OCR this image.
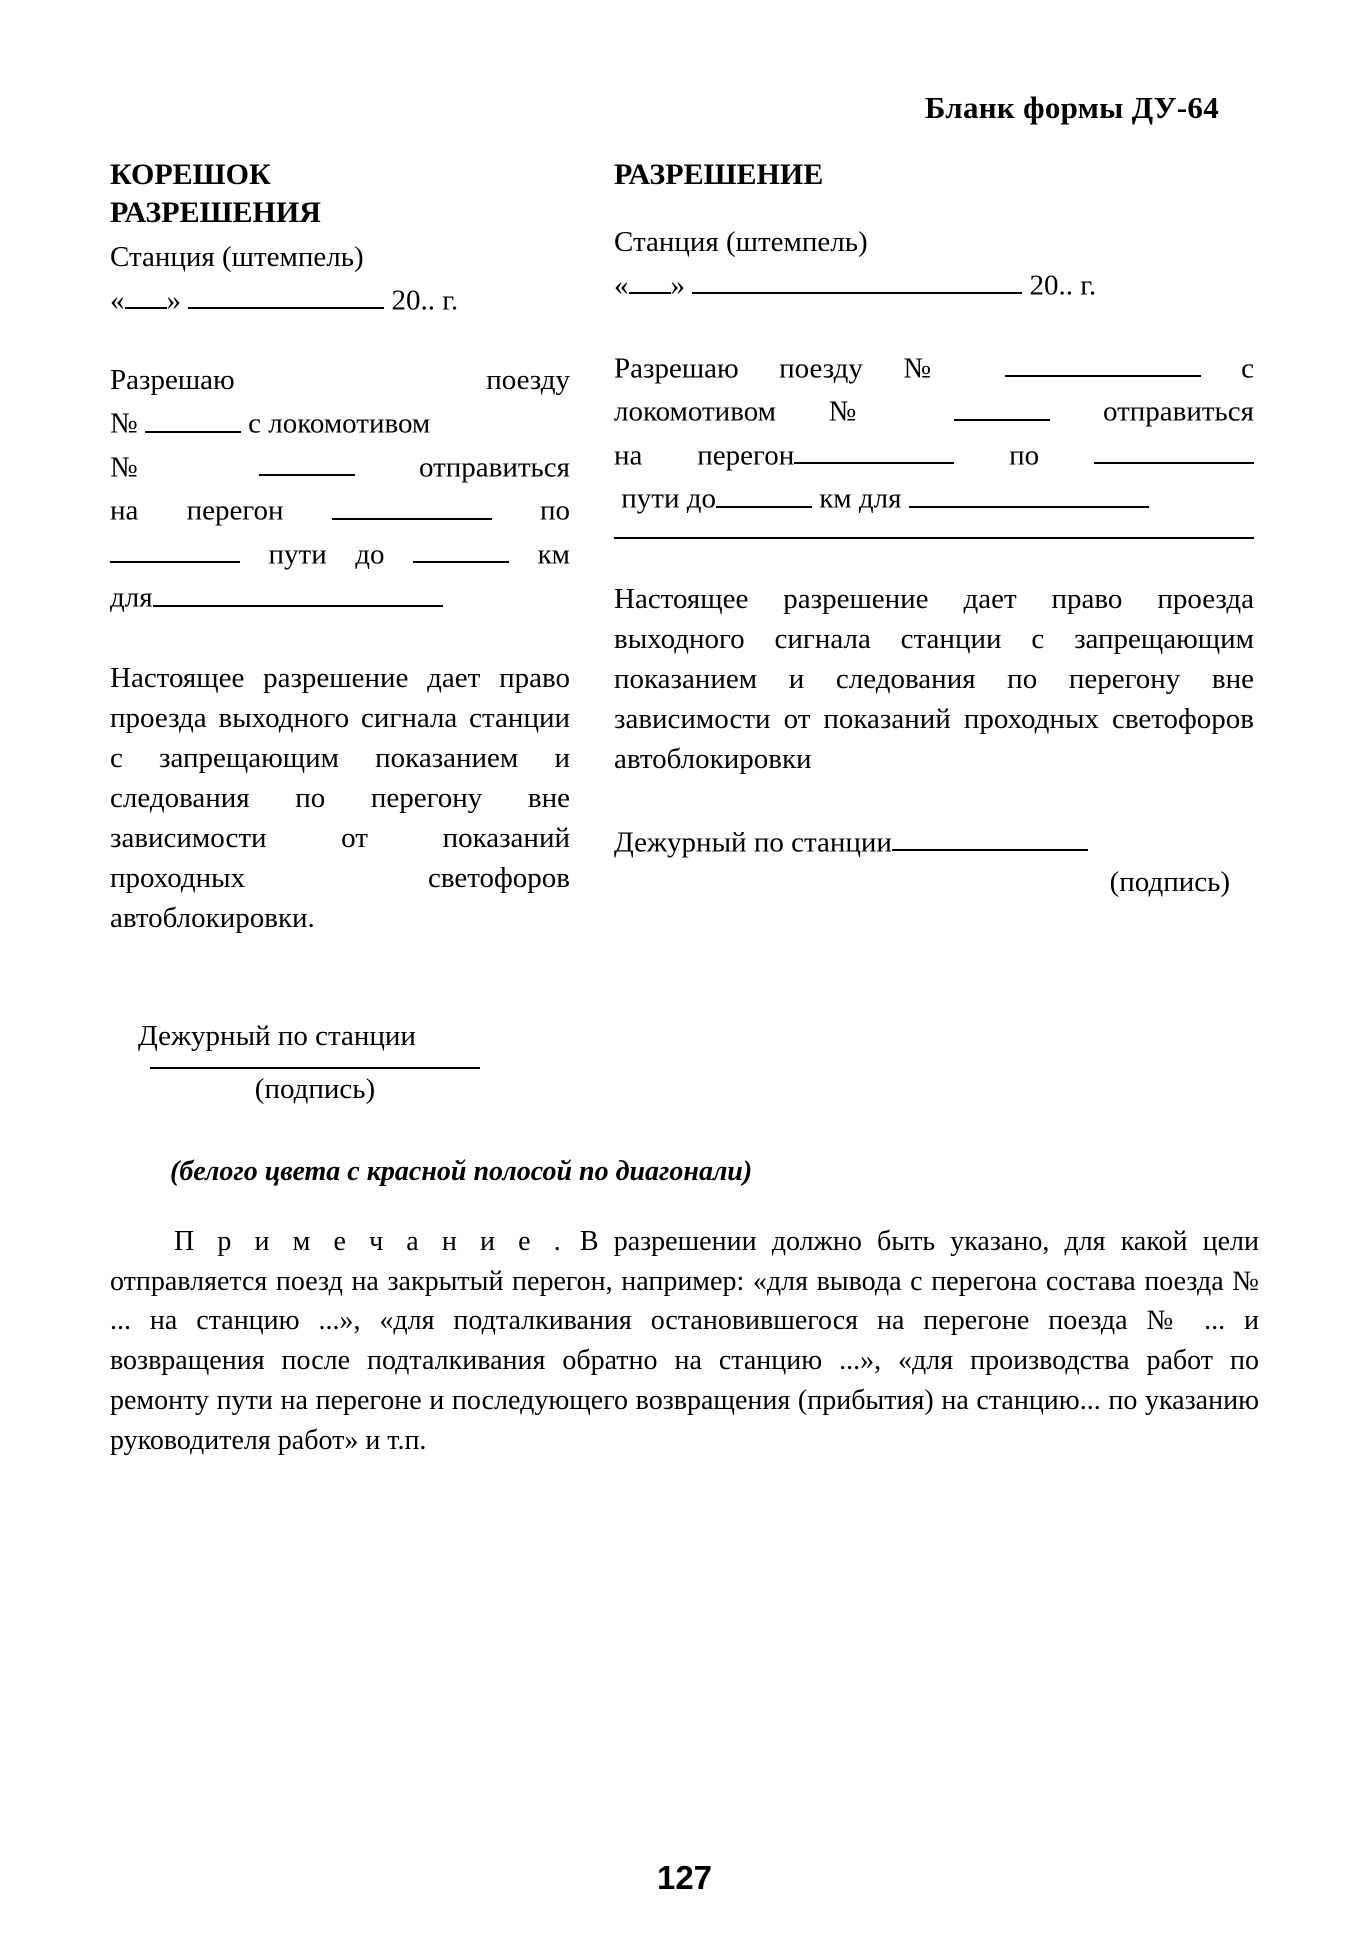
Бланк формы ДУ-64
КОРЕШОК
РАЗРЕШЕНИЯ
Станция (штемпель)
« »	20.. г.
Разрешаю	поезду
№	с локомотивом
№	отправиться
на перегон	по
пути до	км
для
Настоящее разрешение дает право проезда выходного сигнала станции с запрещающим показанием и следования по перегону вне зависимости от показаний проходных светофоров автоблокировки.
Дежурный по станции
(подпись)
РАЗРЕШЕНИЕ
Станция (штемпель)
« »	20.. г.
Разрешаю поезду №	с
локомотивом №	отправиться
на перегон	по
пути до	км для
Настоящее разрешение дает право проезда выходного сигнала станции с запрещающим показанием и следования по перегону вне зависимости от показаний проходных светофоров автоблокировки
Дежурный по станции
(подпись)
(белого цвета с красной полосой по диагонали)
П р и м е ч а н и е . В разрешении должно быть указано, для какой цели отправляется поезд на закрытый перегон, например: «для вывода с перегона состава поезда № ... на станцию ...», «для подталкивания остановившегося на перегоне поезда № ... и возвращения после подталкивания обратно на станцию ...», «для производства работ по ремонту пути на перегоне и последующего возвращения (прибытия) на станцию... по указанию руководителя работ» и т.п.
127
